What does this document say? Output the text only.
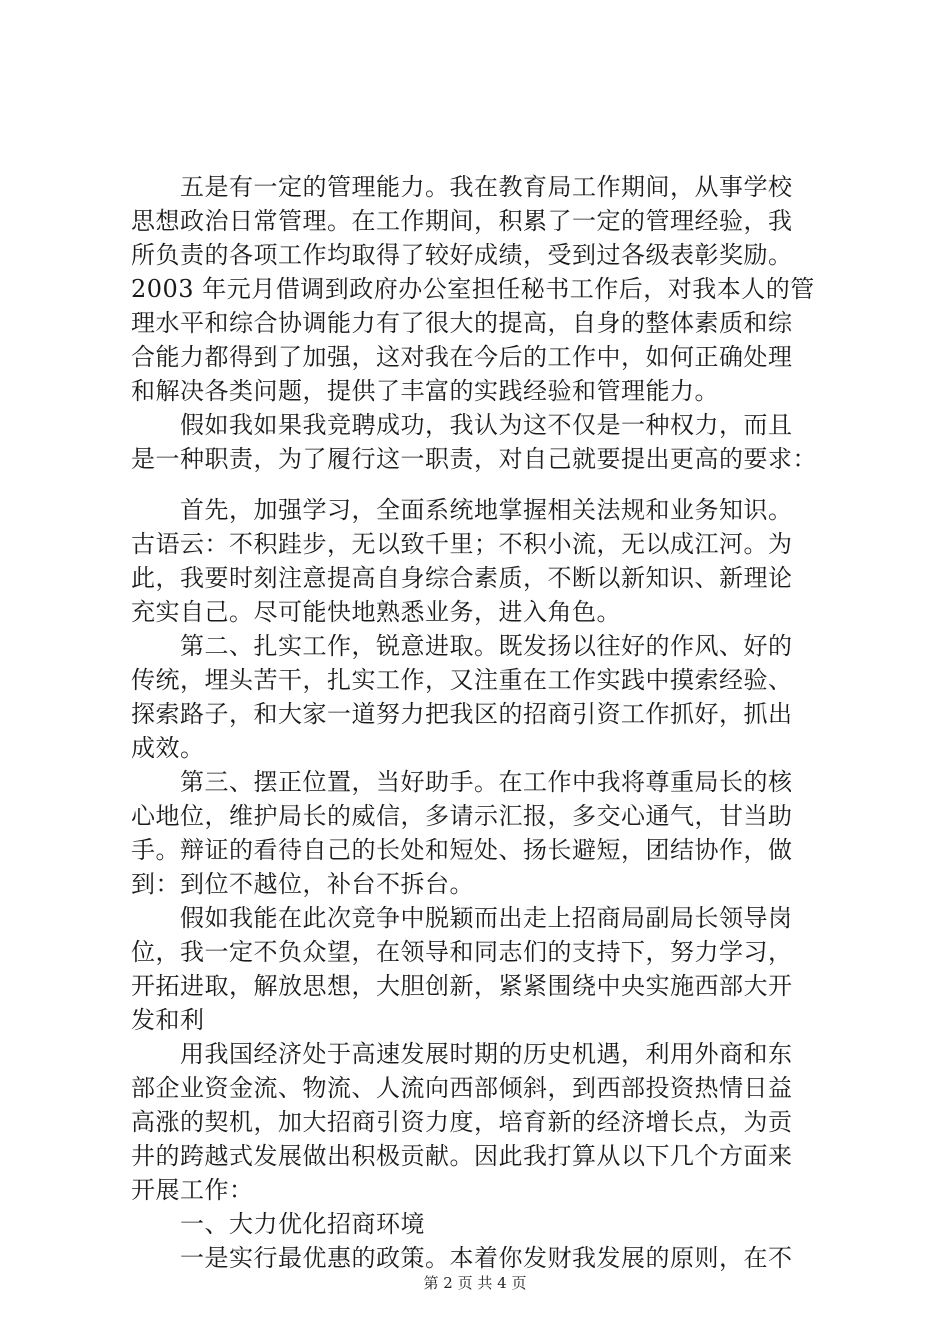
　　五是有一定的管理能力。我在教育局工作期间，从事学校
思想政治日常管理。在工作期间，积累了一定的管理经验，我
所负责的各项工作均取得了较好成绩，受到过各级表彰奖励。
2003 年元月借调到政府办公室担任秘书工作后，对我本人的管
理水平和综合协调能力有了很大的提高，自身的整体素质和综
合能力都得到了加强，这对我在今后的工作中，如何正确处理
和解决各类问题，提供了丰富的实践经验和管理能力。
　　假如我如果我竞聘成功，我认为这不仅是一种权力，而且
是一种职责，为了履行这一职责，对自己就要提出更高的要求：
　　首先，加强学习，全面系统地掌握相关法规和业务知识。
古语云：不积跬步，无以致千里；不积小流，无以成江河。为
此，我要时刻注意提高自身综合素质，不断以新知识、新理论
充实自己。尽可能快地熟悉业务，进入角色。
　　第二、扎实工作，锐意进取。既发扬以往好的作风、好的
传统，埋头苦干，扎实工作，又注重在工作实践中摸索经验、
探索路子，和大家一道努力把我区的招商引资工作抓好，抓出
成效。
　　第三、摆正位置，当好助手。在工作中我将尊重局长的核
心地位，维护局长的威信，多请示汇报，多交心通气，甘当助
手。辩证的看待自己的长处和短处、扬长避短，团结协作，做
到：到位不越位，补台不拆台。
　　假如我能在此次竞争中脱颖而出走上招商局副局长领导岗
位，我一定不负众望，在领导和同志们的支持下，努力学习，
开拓进取，解放思想，大胆创新，紧紧围绕中央实施西部大开
发和利
　　用我国经济处于高速发展时期的历史机遇，利用外商和东
部企业资金流、物流、人流向西部倾斜，到西部投资热情日益
高涨的契机，加大招商引资力度，培育新的经济增长点，为贡
井的跨越式发展做出积极贡献。因此我打算从以下几个方面来
开展工作：
　　一、大力优化招商环境
　　一是实行最优惠的政策。本着你发财我发展的原则，在不
第 2 页 共 4 页
